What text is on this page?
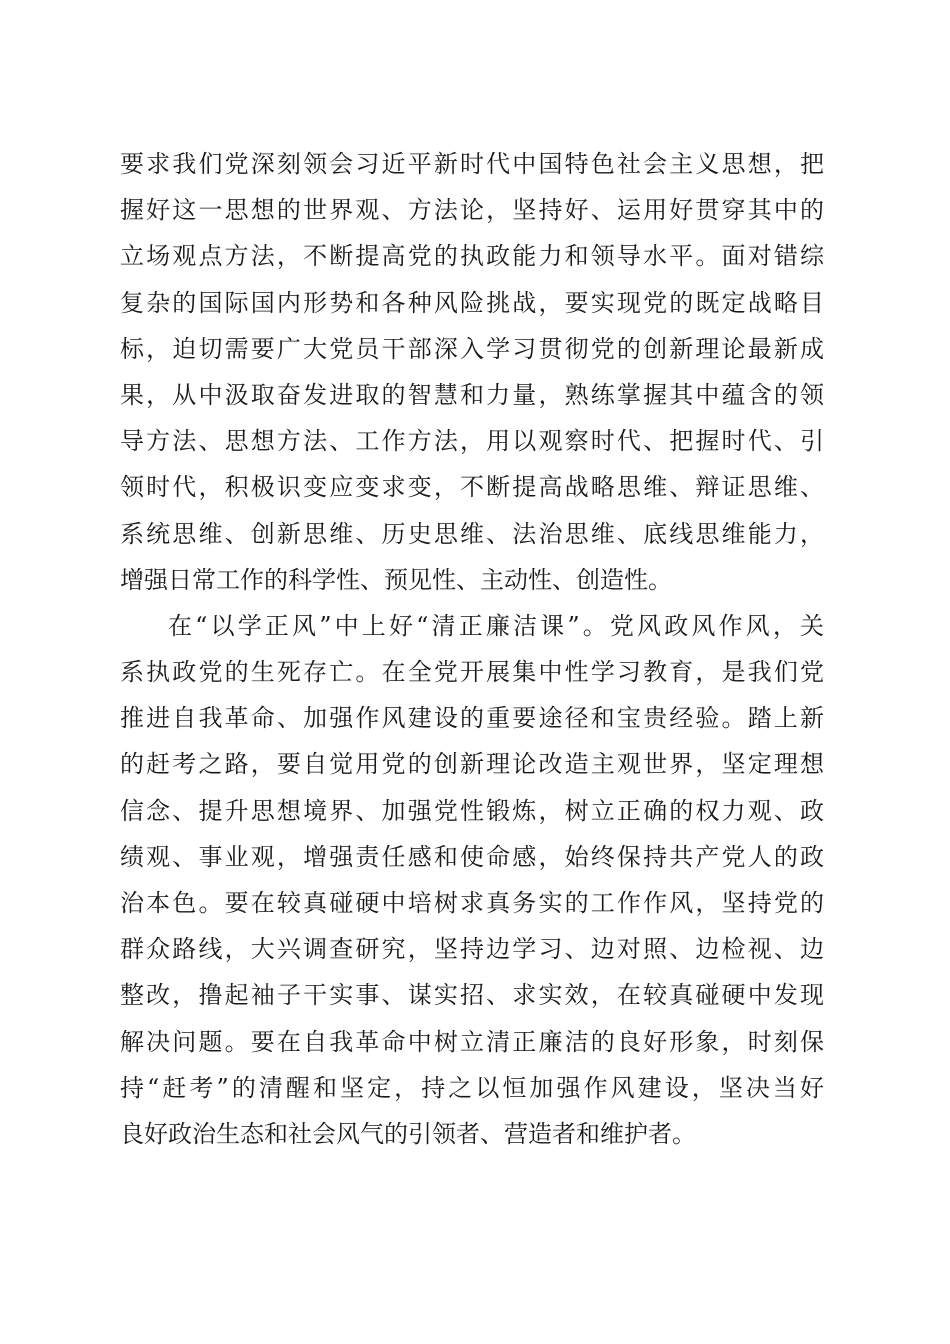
要求我们党深刻领会习近平新时代中国特色社会主义思想，把
握好这一思想的世界观、方法论，坚持好、运用好贯穿其中的
立场观点方法，不断提高党的执政能力和领导水平。面对错综
复杂的国际国内形势和各种风险挑战，要实现党的既定战略目
标，迫切需要广大党员干部深入学习贯彻党的创新理论最新成
果，从中汲取奋发进取的智慧和力量，熟练掌握其中蕴含的领
导方法、思想方法、工作方法，用以观察时代、把握时代、引
领时代，积极识变应变求变，不断提高战略思维、辩证思维、
系统思维、创新思维、历史思维、法治思维、底线思维能力，
增强日常工作的科学性、预见性、主动性、创造性。
在“以学正风”中上好“清正廉洁课”。党风政风作风，关
系执政党的生死存亡。在全党开展集中性学习教育，是我们党
推进自我革命、加强作风建设的重要途径和宝贵经验。踏上新
的赶考之路，要自觉用党的创新理论改造主观世界，坚定理想
信念、提升思想境界、加强党性锻炼，树立正确的权力观、政
绩观、事业观，增强责任感和使命感，始终保持共产党人的政
治本色。要在较真碰硬中培树求真务实的工作作风，坚持党的
群众路线，大兴调查研究，坚持边学习、边对照、边检视、边
整改，撸起袖子干实事、谋实招、求实效，在较真碰硬中发现
解决问题。要在自我革命中树立清正廉洁的良好形象，时刻保
持“赶考”的清醒和坚定，持之以恒加强作风建设，坚决当好
良好政治生态和社会风气的引领者、营造者和维护者。
